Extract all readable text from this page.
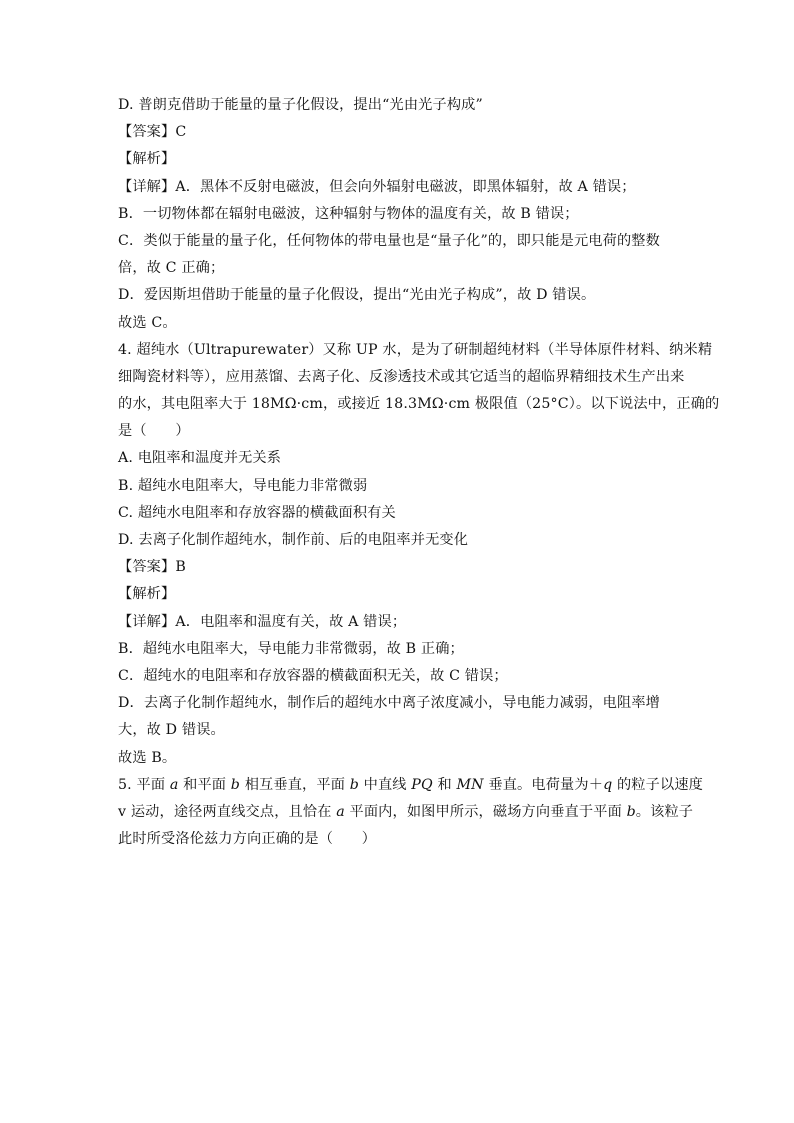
D. 普朗克借助于能量的量子化假设，提出“光由光子构成”
【答案】C
【解析】
【详解】A．黑体不反射电磁波，但会向外辐射电磁波，即黑体辐射，故 A 错误；
B．一切物体都在辐射电磁波，这种辐射与物体的温度有关，故 B 错误；
C．类似于能量的量子化，任何物体的带电量也是“量子化”的，即只能是元电荷的整数
倍，故 C 正确；
D．爱因斯坦借助于能量的量子化假设，提出“光由光子构成”，故 D 错误。
故选 C。
4. 超纯水（Ultrapurewater）又称 UP 水，是为了研制超纯材料（半导体原件材料、纳米精
细陶瓷材料等），应用蒸馏、去离子化、反渗透技术或其它适当的超临界精细技术生产出来
的水，其电阻率大于 18MΩ·cm，或接近 18.3MΩ·cm 极限值（25°C）。以下说法中，正确的
是（　　）
A. 电阻率和温度并无关系
B. 超纯水电阻率大，导电能力非常微弱
C. 超纯水电阻率和存放容器的横截面积有关
D. 去离子化制作超纯水，制作前、后的电阻率并无变化
【答案】B
【解析】
【详解】A．电阻率和温度有关，故 A 错误；
B．超纯水电阻率大，导电能力非常微弱，故 B 正确；
C．超纯水的电阻率和存放容器的横截面积无关，故 C 错误；
D．去离子化制作超纯水，制作后的超纯水中离子浓度减小，导电能力减弱，电阻率增
大，故 D 错误。
故选 B。
5. 平面 a 和平面 b 相互垂直，平面 b 中直线 PQ 和 MN 垂直。电荷量为＋q 的粒子以速度
v 运动，途径两直线交点，且恰在 a 平面内，如图甲所示，磁场方向垂直于平面 b。该粒子
此时所受洛伦兹力方向正确的是（　　）
